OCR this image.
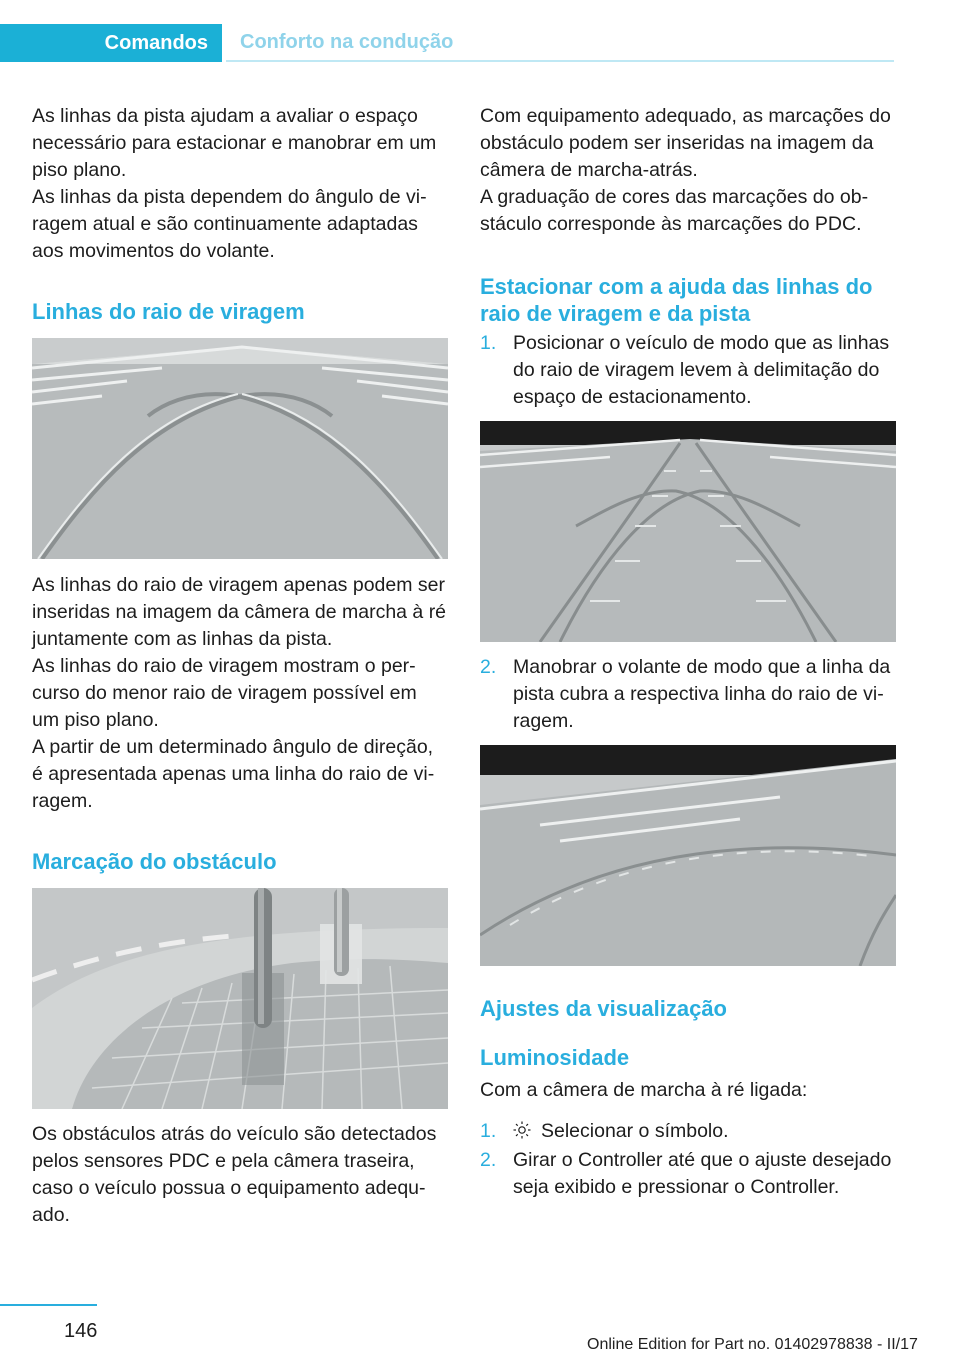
Comandos	Conforto na condução

As linhas da pista ajudam a avaliar o espaço necessário para estacionar e manobrar em um piso plano.

As linhas da pista dependem do ângulo de viragem atual e são continuamente adaptadas aos movimentos do volante.

Linhas do raio de viragem

As linhas do raio de viragem apenas podem ser inseridas na imagem da câmera de marcha à ré juntamente com as linhas da pista.

As linhas do raio de viragem mostram o percurso do menor raio de viragem possível em um piso plano.

A partir de um determinado ângulo de direção, é apresentada apenas uma linha do raio de viragem.

Marcação do obstáculo

Os obstáculos atrás do veículo são detectados pelos sensores PDC e pela câmera traseira, caso o veículo possua o equipamento adequado.

Com equipamento adequado, as marcações do obstáculo podem ser inseridas na imagem da câmera de marcha-atrás.

A graduação de cores das marcações do obstáculo corresponde às marcações do PDC.

Estacionar com a ajuda das linhas do raio de viragem e da pista
1. Posicionar o veículo de modo que as linhas do raio de viragem levem à delimitação do espaço de estacionamento.
2. Manobrar o volante de modo que a linha da pista cubra a respectiva linha do raio de viragem.
Ajustes da visualização
Luminosidade

Com a câmera de marcha à ré ligada:

1.	Selecionar o símbolo.
2. Girar o Controller até que o ajuste desejado seja exibido e pressionar o Controller.
146
Online Edition for Part no. 01402978838 - II/17
